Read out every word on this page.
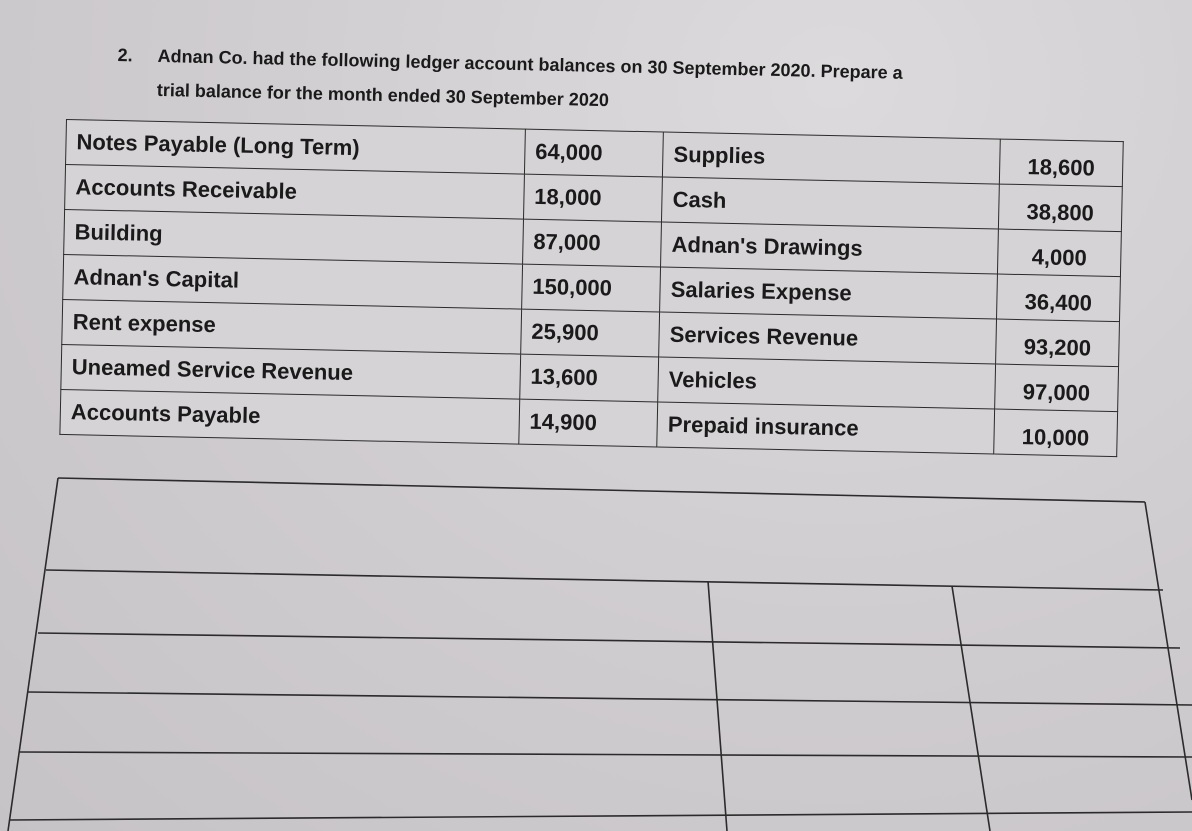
2. Adnan Co. had the following ledger account balances on 30 September 2020. Prepare a
trial balance for the month ended 30 September 2020
Notes Payable (Long Term)	64,000	Supplies	18,600
Accounts Receivable	18,000	Cash	38,800
Building	87,000	Adnan's Drawings	4,000
Adnan's Capital	150,000	Salaries Expense	36,400
Rent expense	25,900	Services Revenue	93,200
Uneamed Service Revenue	13,600	Vehicles	97,000
Accounts Payable	14,900	Prepaid insurance	10,000
